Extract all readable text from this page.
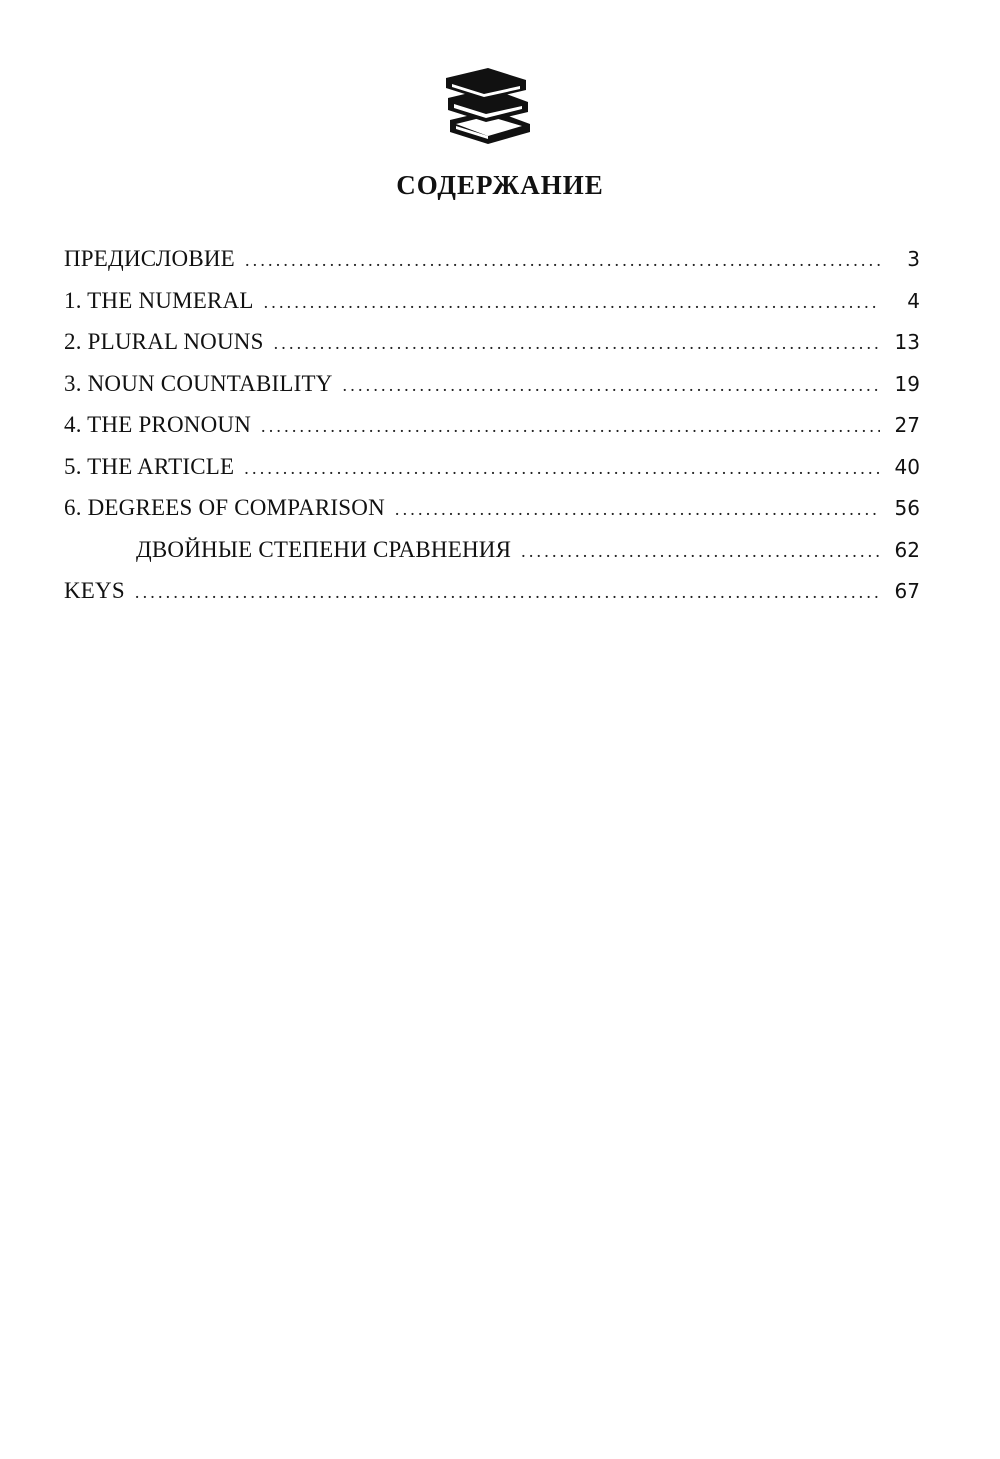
СОДЕРЖАНИЕ
ПРЕДИСЛОВИЕ .....	3
1. THE NUMERAL .....	4
2. PLURAL NOUNS .....	13
3. NOUN COUNTABILITY .....	19
4. THE PRONOUN .....	27
5. THE ARTICLE .....	40
6. DEGREES OF COMPARISON .....	56
ДВОЙНЫЕ СТЕПЕНИ СРАВНЕНИЯ .....	62
KEYS .....	67
